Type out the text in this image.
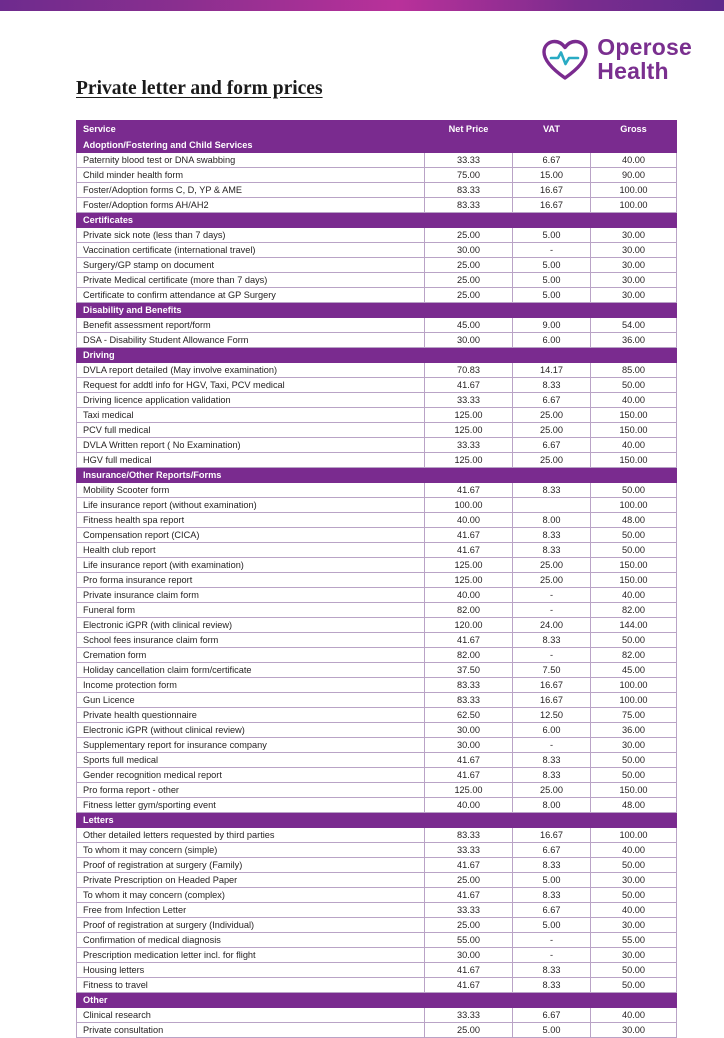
Operose
Health
Private letter and form prices
Service	Net Price	VAT	Gross
Adoption/Fostering and Child Services			
Paternity blood test or DNA swabbing	33.33	6.67	40.00
Child minder health form	75.00	15.00	90.00
Foster/Adoption forms C, D, YP & AME	83.33	16.67	100.00
Foster/Adoption forms AH/AH2	83.33	16.67	100.00
Certificates			
Private sick note (less than 7 days)	25.00	5.00	30.00
Vaccination certificate (international travel)	30.00	-	30.00
Surgery/GP stamp on document	25.00	5.00	30.00
Private Medical certificate (more than 7 days)	25.00	5.00	30.00
Certificate to confirm attendance at GP Surgery	25.00	5.00	30.00
Disability and Benefits			
Benefit assessment report/form	45.00	9.00	54.00
DSA - Disability Student Allowance Form	30.00	6.00	36.00
Driving			
DVLA report detailed (May involve examination)	70.83	14.17	85.00
Request for addtl info for HGV, Taxi, PCV medical	41.67	8.33	50.00
Driving licence application validation	33.33	6.67	40.00
Taxi medical	125.00	25.00	150.00
PCV full medical	125.00	25.00	150.00
DVLA Written report ( No Examination)	33.33	6.67	40.00
HGV full medical	125.00	25.00	150.00
Insurance/Other Reports/Forms			
Mobility Scooter form	41.67	8.33	50.00
Life insurance report (without examination)	100.00		100.00
Fitness health spa report	40.00	8.00	48.00
Compensation report (CICA)	41.67	8.33	50.00
Health club report	41.67	8.33	50.00
Life insurance report (with examination)	125.00	25.00	150.00
Pro forma insurance report	125.00	25.00	150.00
Private insurance claim form	40.00	-	40.00
Funeral form	82.00	-	82.00
Electronic iGPR (with clinical review)	120.00	24.00	144.00
School fees insurance claim form	41.67	8.33	50.00
Cremation form	82.00	-	82.00
Holiday cancellation claim form/certificate	37.50	7.50	45.00
Income protection form	83.33	16.67	100.00
Gun Licence	83.33	16.67	100.00
Private health questionnaire	62.50	12.50	75.00
Electronic iGPR (without clinical review)	30.00	6.00	36.00
Supplementary report for insurance company	30.00	-	30.00
Sports full medical	41.67	8.33	50.00
Gender recognition medical report	41.67	8.33	50.00
Pro forma report - other	125.00	25.00	150.00
Fitness letter gym/sporting event	40.00	8.00	48.00
Letters			
Other detailed letters requested by third parties	83.33	16.67	100.00
To whom it may concern (simple)	33.33	6.67	40.00
Proof of registration at surgery (Family)	41.67	8.33	50.00
Private Prescription on Headed Paper	25.00	5.00	30.00
To whom it may concern (complex)	41.67	8.33	50.00
Free from Infection Letter	33.33	6.67	40.00
Proof of registration at surgery (Individual)	25.00	5.00	30.00
Confirmation of medical diagnosis	55.00	-	55.00
Prescription medication letter incl. for flight	30.00	-	30.00
Housing letters	41.67	8.33	50.00
Fitness to travel	41.67	8.33	50.00
Other			
Clinical research	33.33	6.67	40.00
Private consultation	25.00	5.00	30.00
